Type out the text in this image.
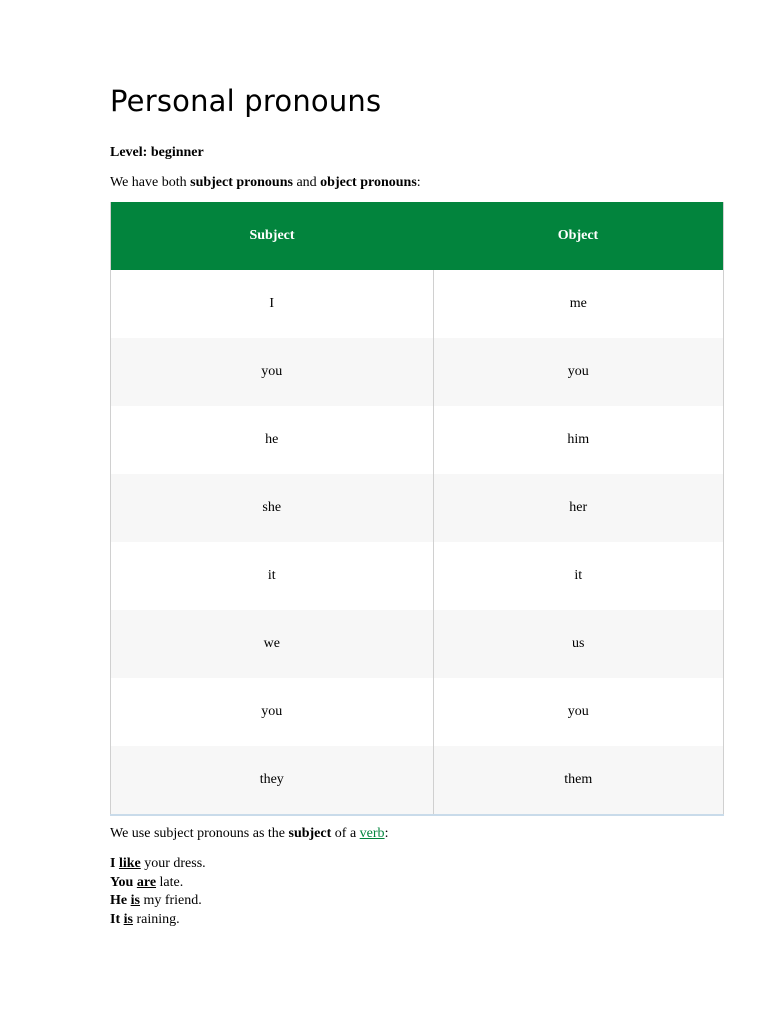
Personal pronouns
Level: beginner
We have both subject pronouns and object pronouns:
Subject	Object
I	me
you	you
he	him
she	her
it	it
we	us
you	you
they	them
We use subject pronouns as the subject of a verb:
I like your dress.
You are late.
He is my friend.
It is raining.
